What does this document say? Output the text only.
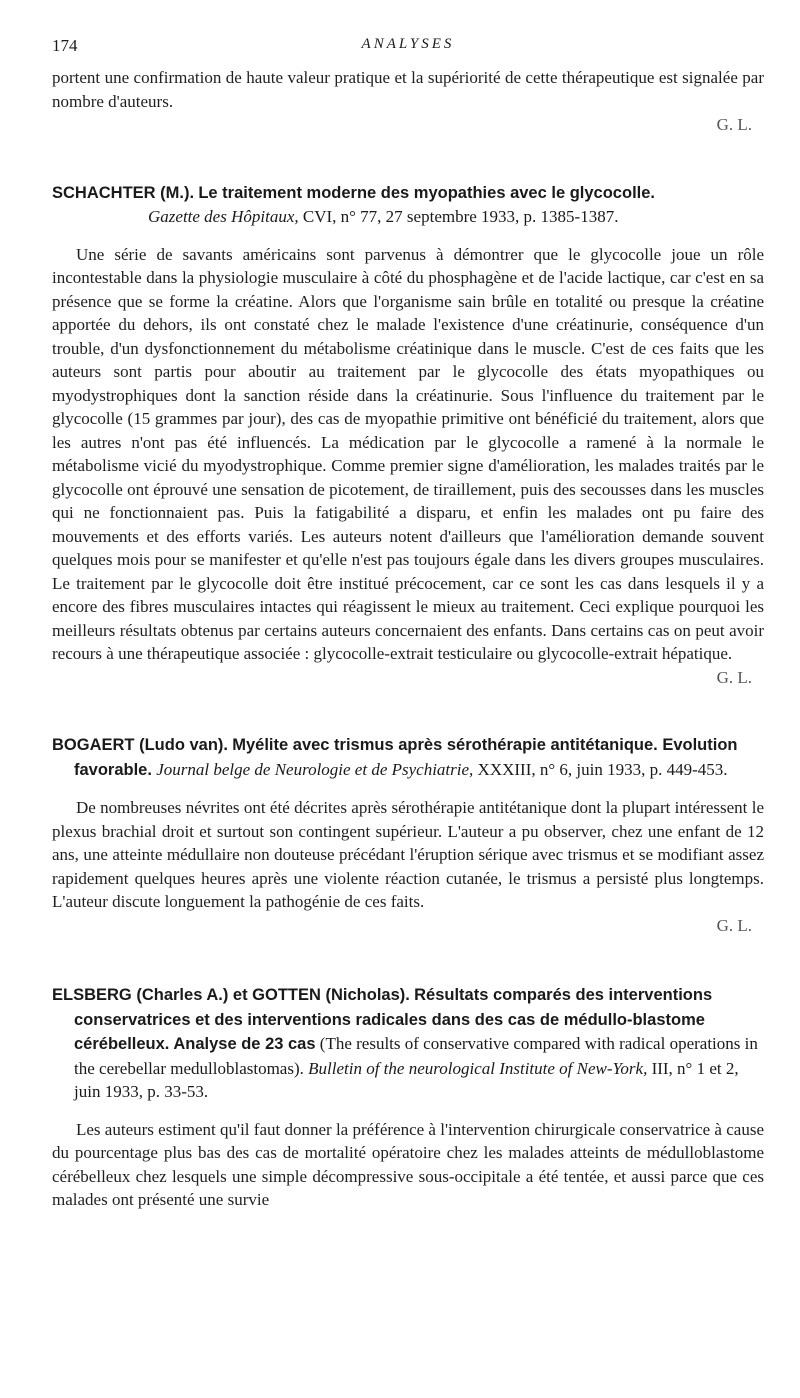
174	ANALYSES

portent une confirmation de haute valeur pratique et la supériorité de cette thérapeutique est signalée par nombre d'auteurs.

G. L.

SCHACHTER (M.). Le traitement moderne des myopathies avec le glycocolle.

Gazette des Hôpitaux, CVI, n° 77, 27 septembre 1933, p. 1385-1387.

Une série de savants américains sont parvenus à démontrer que le glycocolle joue un rôle incontestable dans la physiologie musculaire à côté du phosphagène et de l'acide lactique, car c'est en sa présence que se forme la créatine. Alors que l'organisme sain brûle en totalité ou presque la créatine apportée du dehors, ils ont constaté chez le malade l'existence d'une créatinurie, conséquence d'un trouble, d'un dysfonctionnement du métabolisme créatinique dans le muscle. C'est de ces faits que les auteurs sont partis pour aboutir au traitement par le glycocolle des états myopathiques ou myodystrophiques dont la sanction réside dans la créatinurie. Sous l'influence du traitement par le glycocolle (15 grammes par jour), des cas de myopathie primitive ont bénéficié du traitement, alors que les autres n'ont pas été influencés. La médication par le glycocolle a ramené à la normale le métabolisme vicié du myodystrophique. Comme premier signe d'amélioration, les malades traités par le glycocolle ont éprouvé une sensation de picotement, de tiraillement, puis des secousses dans les muscles qui ne fonctionnaient pas. Puis la fatigabilité a disparu, et enfin les malades ont pu faire des mouvements et des efforts variés. Les auteurs notent d'ailleurs que l'amélioration demande souvent quelques mois pour se manifester et qu'elle n'est pas toujours égale dans les divers groupes musculaires. Le traitement par le glycocolle doit être institué précocement, car ce sont les cas dans lesquels il y a encore des fibres musculaires intactes qui réagissent le mieux au traitement. Ceci explique pourquoi les meilleurs résultats obtenus par certains auteurs concernaient des enfants. Dans certains cas on peut avoir recours à une thérapeutique associée : glycocolle-extrait testiculaire ou glycocolle-extrait hépatique.

G. L.

BOGAERT (Ludo van). Myélite avec trismus après sérothérapie antitétanique. Evolution favorable. Journal belge de Neurologie et de Psychiatrie, XXXIII, n° 6, juin 1933, p. 449-453.

De nombreuses névrites ont été décrites après sérothérapie antitétanique dont la plupart intéressent le plexus brachial droit et surtout son contingent supérieur. L'auteur a pu observer, chez une enfant de 12 ans, une atteinte médullaire non douteuse précédant l'éruption sérique avec trismus et se modifiant assez rapidement quelques heures après une violente réaction cutanée, le trismus a persisté plus longtemps. L'auteur discute longuement la pathogénie de ces faits.

G. L.

ELSBERG (Charles A.) et GOTTEN (Nicholas). Résultats comparés des interventions conservatrices et des interventions radicales dans des cas de médullo-blastome cérébelleux. Analyse de 23 cas (The results of conservative compared with radical operations in the cerebellar medulloblastomas). Bulletin of the neurological Institute of New-York, III, n° 1 et 2, juin 1933, p. 33-53.

Les auteurs estiment qu'il faut donner la préférence à l'intervention chirurgicale conservatrice à cause du pourcentage plus bas des cas de mortalité opératoire chez les malades atteints de médulloblastome cérébelleux chez lesquels une simple décompressive sous-occipitale a été tentée, et aussi parce que ces malades ont présenté une survie
